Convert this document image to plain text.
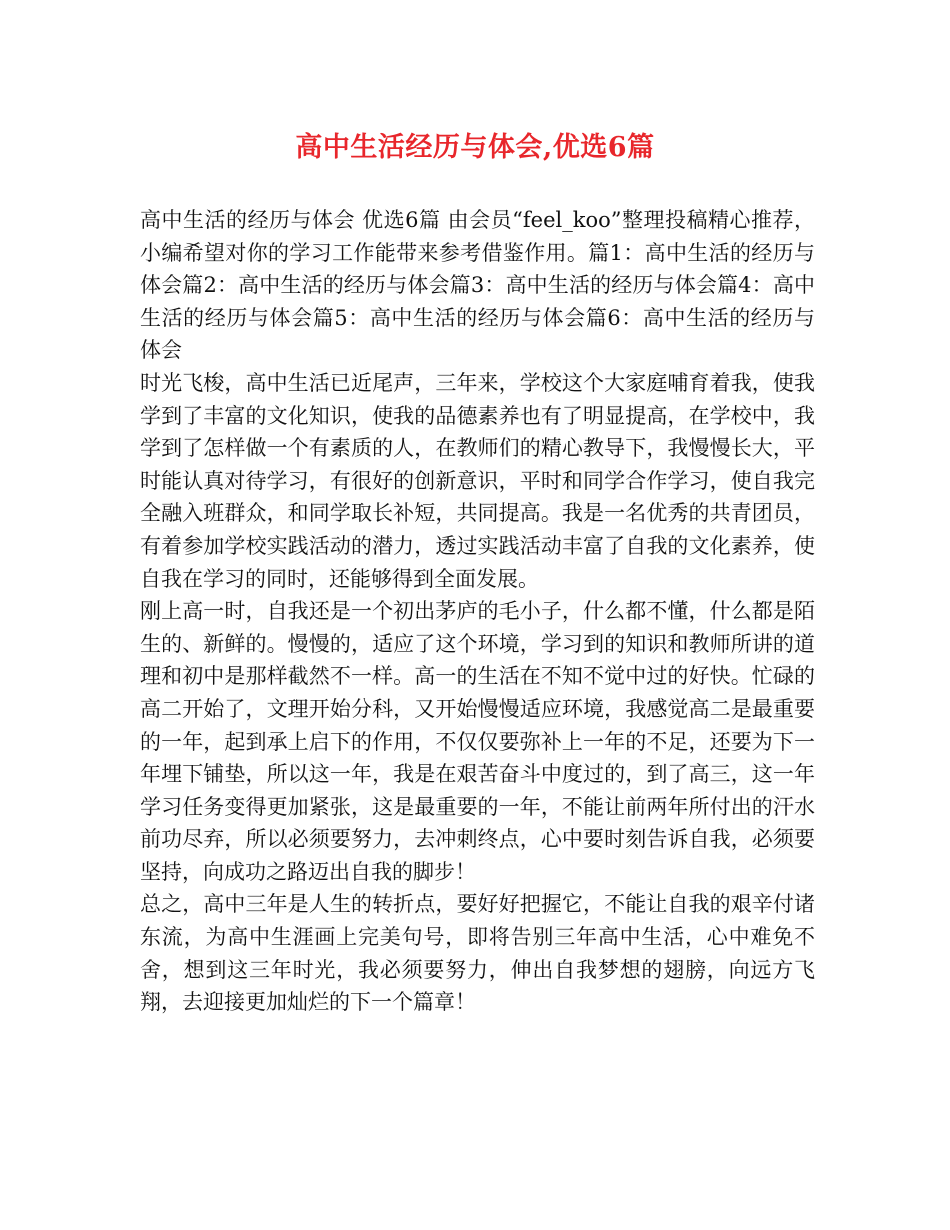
高中生活经历与体会,优选6篇

高中生活的经历与体会 优选6篇 由会员“feel_koo”整理投稿精心推荐，小编希望对你的学习工作能带来参考借鉴作用。篇1：高中生活的经历与体会篇2：高中生活的经历与体会篇3：高中生活的经历与体会篇4：高中生活的经历与体会篇5：高中生活的经历与体会篇6：高中生活的经历与体会

时光飞梭，高中生活已近尾声，三年来，学校这个大家庭哺育着我，使我学到了丰富的文化知识，使我的品德素养也有了明显提高，在学校中，我学到了怎样做一个有素质的人，在教师们的精心教导下，我慢慢长大，平时能认真对待学习，有很好的创新意识，平时和同学合作学习，使自我完全融入班群众，和同学取长补短，共同提高。我是一名优秀的共青团员，有着参加学校实践活动的潜力，透过实践活动丰富了自我的文化素养，使自我在学习的同时，还能够得到全面发展。

刚上高一时，自我还是一个初出茅庐的毛小子，什么都不懂，什么都是陌生的、新鲜的。慢慢的，适应了这个环境，学习到的知识和教师所讲的道理和初中是那样截然不一样。高一的生活在不知不觉中过的好快。忙碌的高二开始了，文理开始分科，又开始慢慢适应环境，我感觉高二是最重要的一年，起到承上启下的作用，不仅仅要弥补上一年的不足，还要为下一年埋下铺垫，所以这一年，我是在艰苦奋斗中度过的，到了高三，这一年学习任务变得更加紧张，这是最重要的一年，不能让前两年所付出的汗水前功尽弃，所以必须要努力，去冲刺终点，心中要时刻告诉自我，必须要坚持，向成功之路迈出自我的脚步！

总之，高中三年是人生的转折点，要好好把握它，不能让自我的艰辛付诸东流，为高中生涯画上完美句号，即将告别三年高中生活，心中难免不舍，想到这三年时光，我必须要努力，伸出自我梦想的翅膀，向远方飞翔，去迎接更加灿烂的下一个篇章！
